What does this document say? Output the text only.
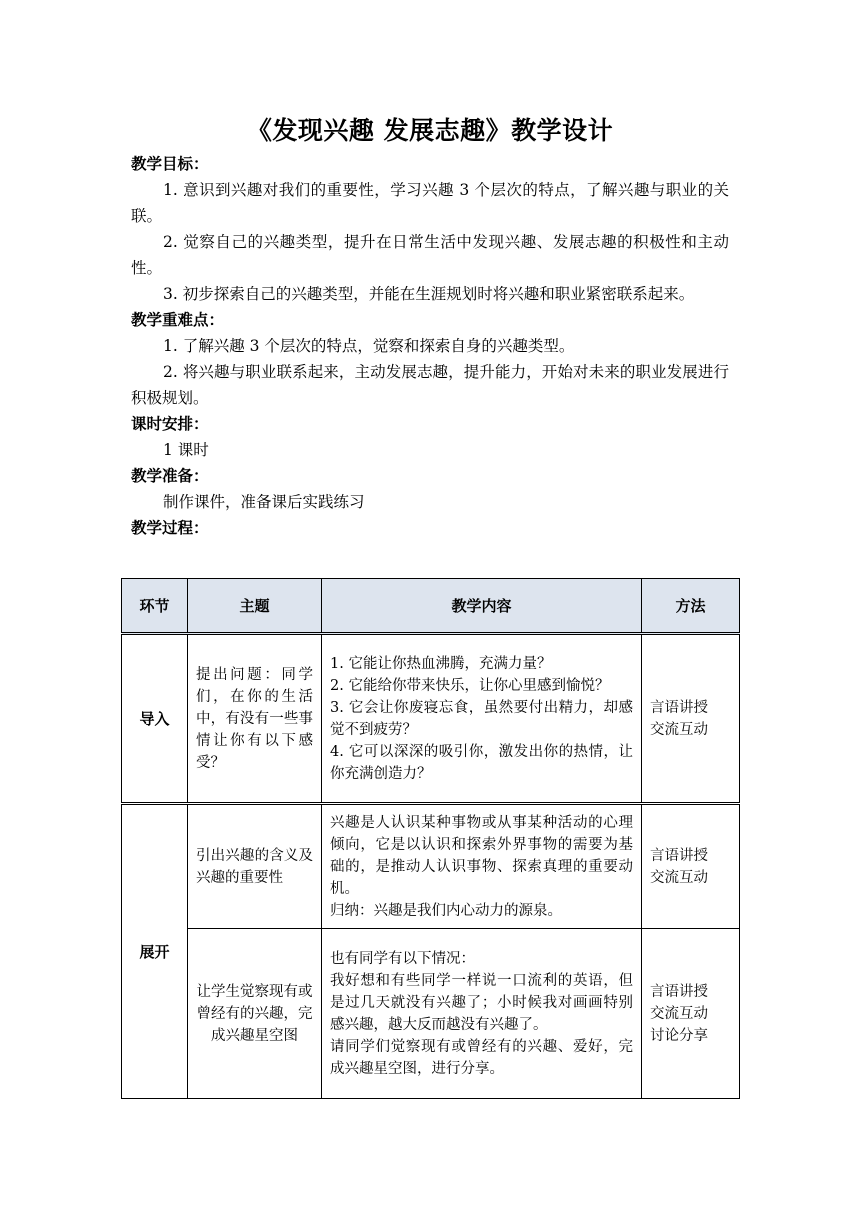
《发现兴趣 发展志趣》教学设计
教学目标：
1. 意识到兴趣对我们的重要性，学习兴趣 3 个层次的特点，了解兴趣与职业的关联。
2. 觉察自己的兴趣类型，提升在日常生活中发现兴趣、发展志趣的积极性和主动性。
3. 初步探索自己的兴趣类型，并能在生涯规划时将兴趣和职业紧密联系起来。
教学重难点：
1. 了解兴趣 3 个层次的特点，觉察和探索自身的兴趣类型。
2. 将兴趣与职业联系起来，主动发展志趣，提升能力，开始对未来的职业发展进行积极规划。
课时安排：
1 课时
教学准备：
制作课件，准备课后实践练习
教学过程：
环节	主题	教学内容	方法
导入	提出问题：同学们，在你的生活中，有没有一些事情让你有以下感受？	1. 它能让你热血沸腾，充满力量？
2. 它能给你带来快乐，让你心里感到愉悦？
3. 它会让你废寝忘食，虽然要付出精力，却感觉不到疲劳？
4. 它可以深深的吸引你，激发出你的热情，让你充满创造力？	言语讲授
交流互动

展开	引出兴趣的含义及兴趣的重要性	兴趣是人认识某种事物或从事某种活动的心理倾向，它是以认识和探索外界事物的需要为基础的，是推动人认识事物、探索真理的重要动机。
归纳：兴趣是我们内心动力的源泉。	言语讲授
交流互动

	让学生觉察现有或曾经有的兴趣，完成兴趣星空图	也有同学有以下情况：
我好想和有些同学一样说一口流利的英语，但是过几天就没有兴趣了；小时候我对画画特别感兴趣，越大反而越没有兴趣了。
请同学们觉察现有或曾经有的兴趣、爱好，完成兴趣星空图，进行分享。	言语讲授
交流互动
讨论分享
